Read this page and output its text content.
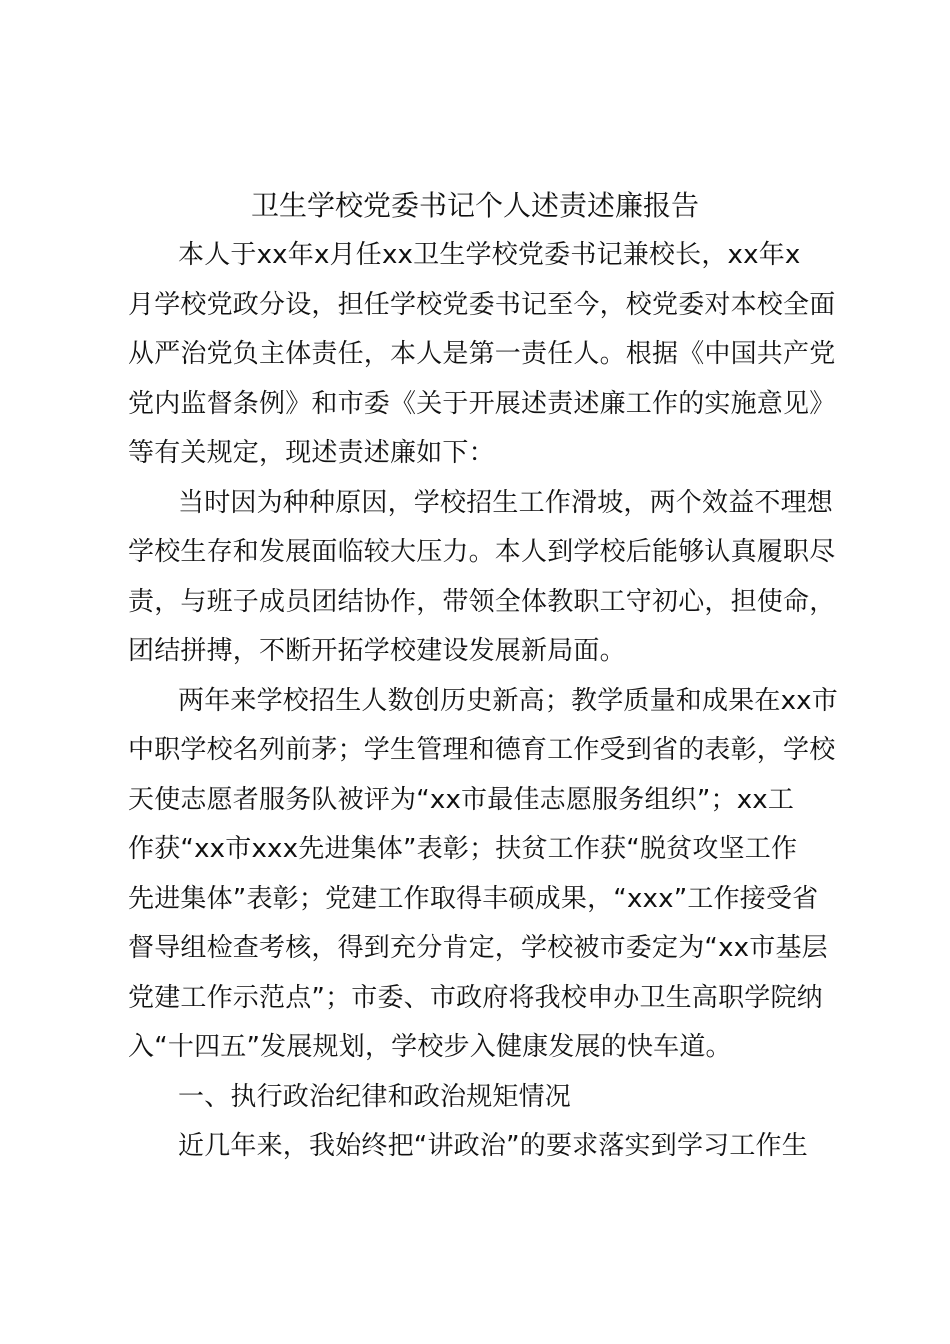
卫生学校党委书记个人述责述廉报告
本人于xx年x月任xx卫生学校党委书记兼校长，xx年x
月学校党政分设，担任学校党委书记至今，校党委对本校全面
从严治党负主体责任，本人是第一责任人。根据《中国共产党
党内监督条例》和市委《关于开展述责述廉工作的实施意见》
等有关规定，现述责述廉如下：
当时因为种种原因，学校招生工作滑坡，两个效益不理想
学校生存和发展面临较大压力。本人到学校后能够认真履职尽
责，与班子成员团结协作，带领全体教职工守初心，担使命，
团结拼搏，不断开拓学校建设发展新局面。
两年来学校招生人数创历史新高；教学质量和成果在xx市
中职学校名列前茅；学生管理和德育工作受到省的表彰，学校
天使志愿者服务队被评为“xx市最佳志愿服务组织”；xx工
作获“xx市xxx先进集体”表彰；扶贫工作获“脱贫攻坚工作
先进集体”表彰；党建工作取得丰硕成果，“xxx”工作接受省
督导组检查考核，得到充分肯定，学校被市委定为“xx市基层
党建工作示范点”；市委、市政府将我校申办卫生高职学院纳
入“十四五”发展规划，学校步入健康发展的快车道。
一、执行政治纪律和政治规矩情况
近几年来，我始终把“讲政治”的要求落实到学习工作生
